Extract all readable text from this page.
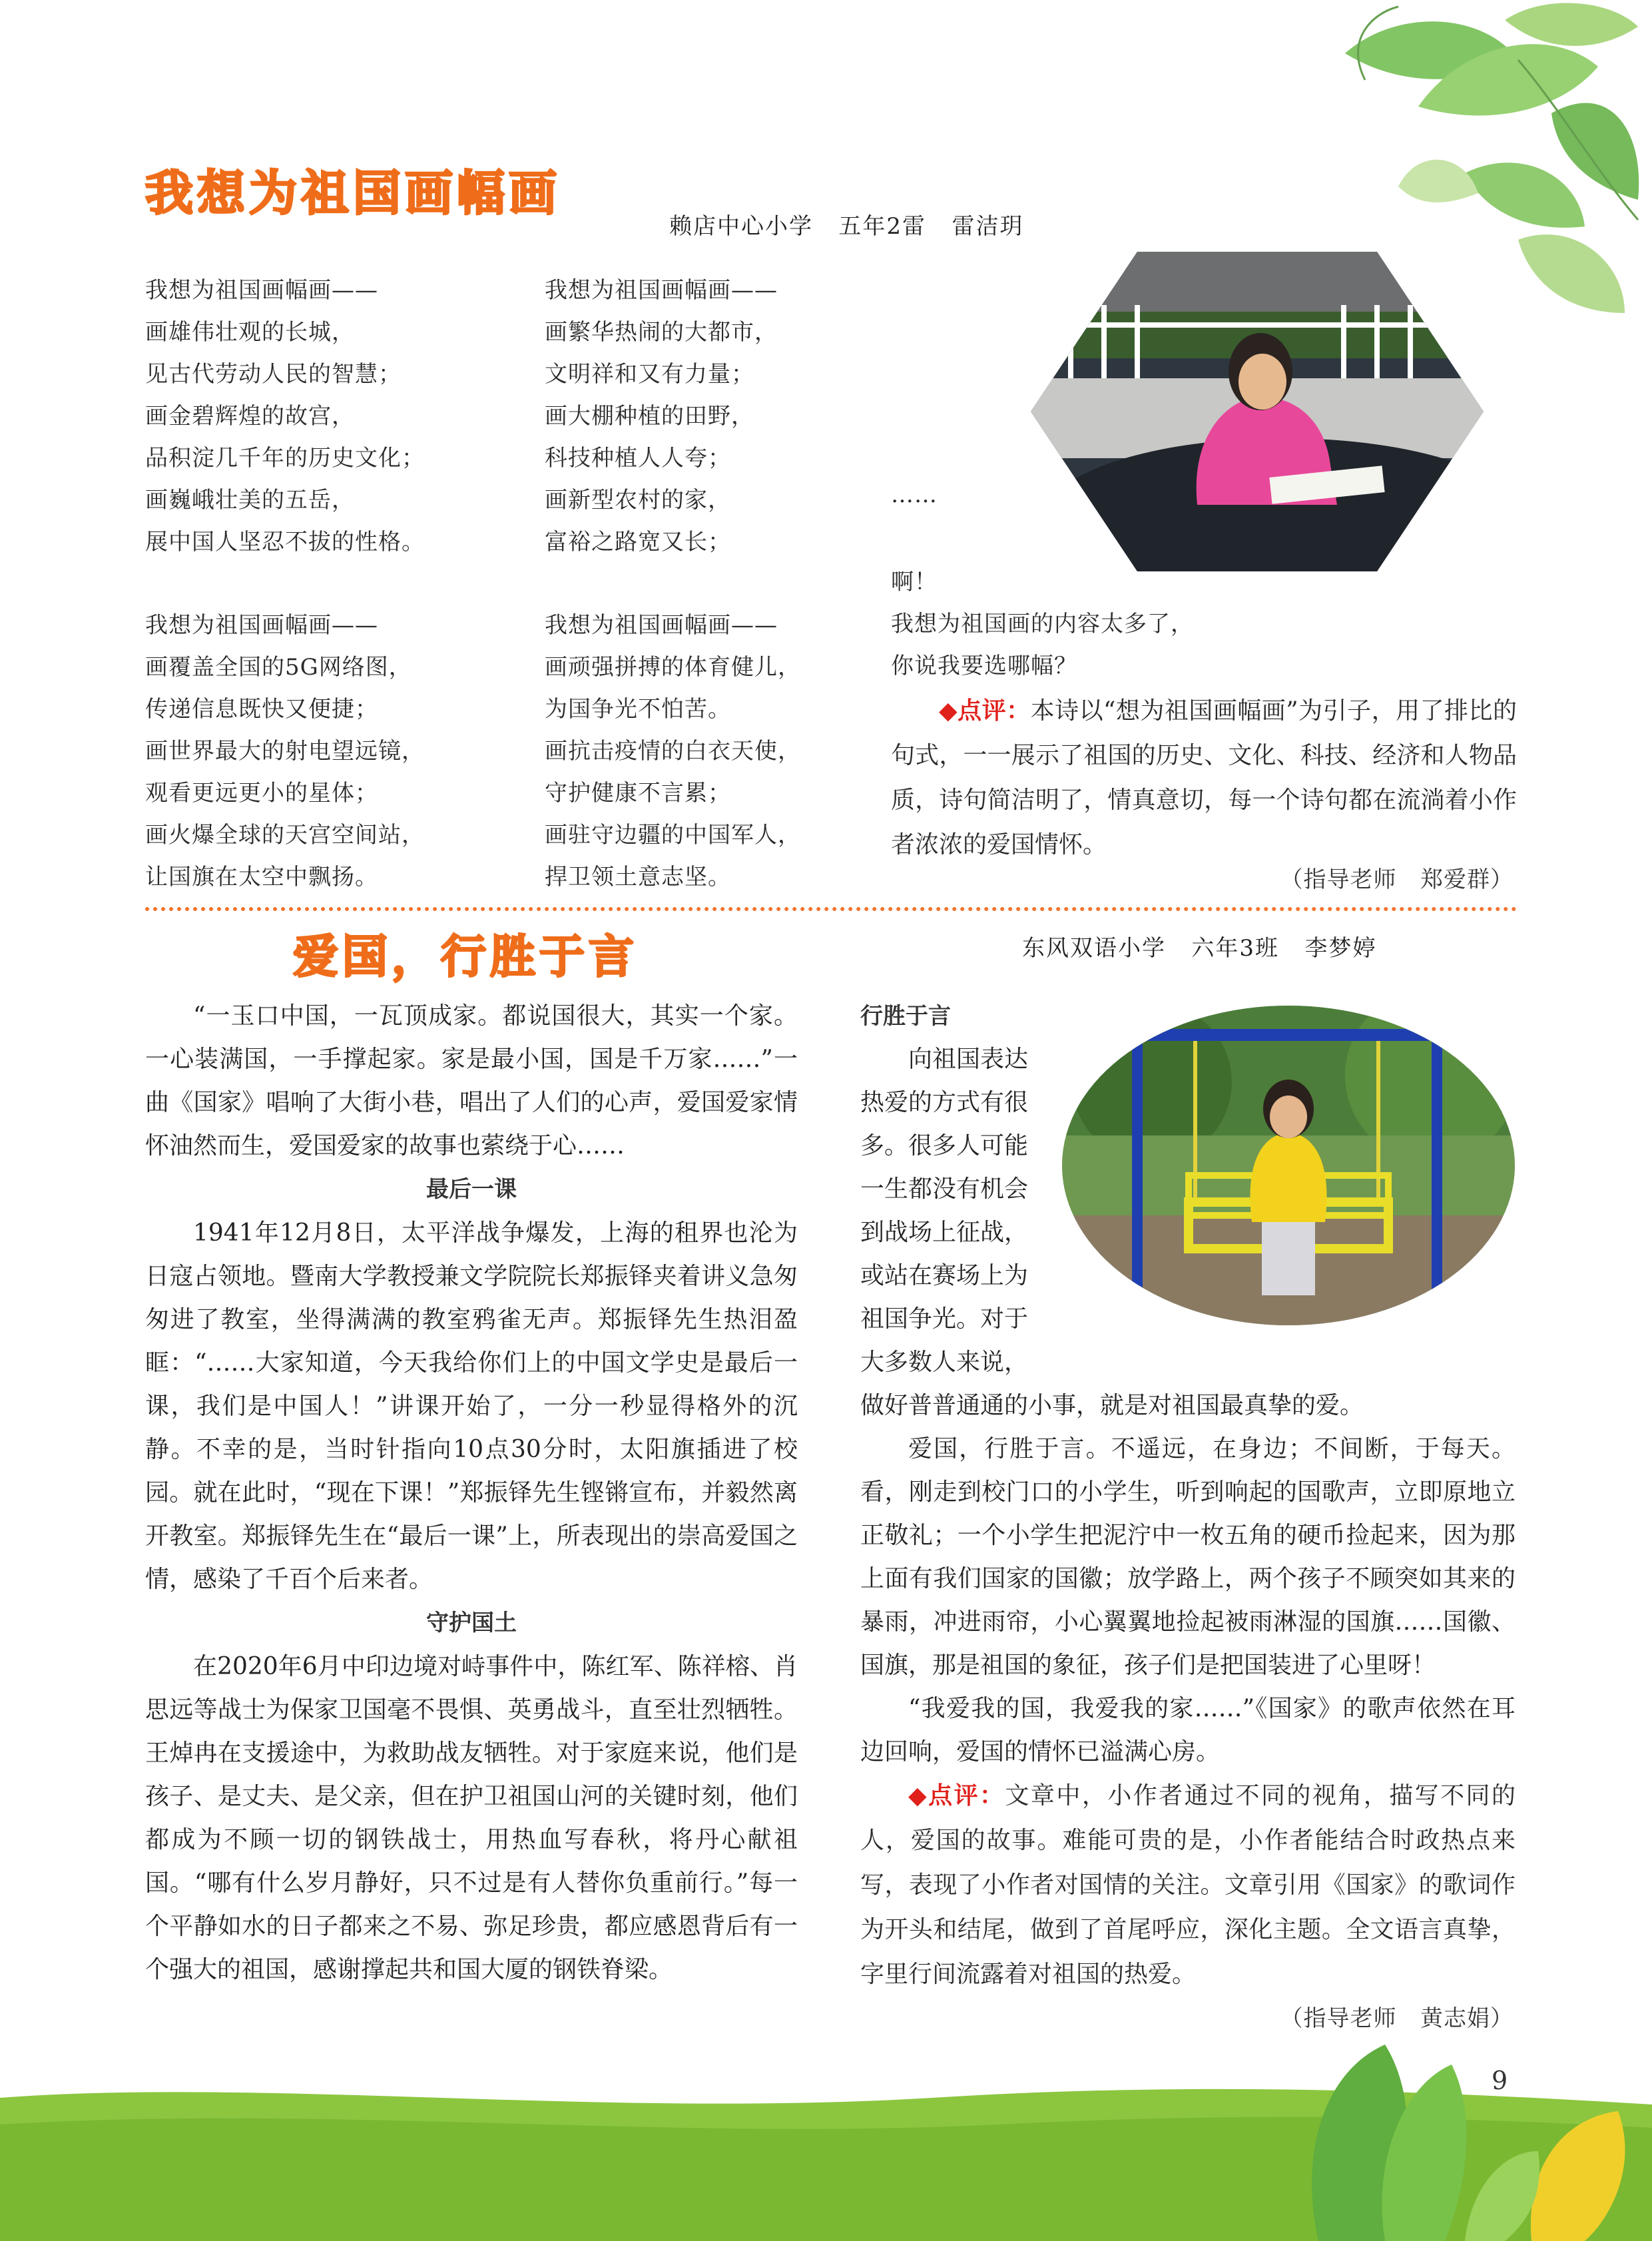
我想为祖国画幅画
赖店中心小学   五年2雷   雷洁玥
我想为祖国画幅画——
画雄伟壮观的长城，
见古代劳动人民的智慧；
画金碧辉煌的故宫，
品积淀几千年的历史文化；
画巍峨壮美的五岳，
展中国人坚忍不拔的性格。
我想为祖国画幅画——
画繁华热闹的大都市，
文明祥和又有力量；
画大棚种植的田野，
科技种植人人夸；
画新型农村的家，
富裕之路宽又长；
我想为祖国画幅画——
画覆盖全国的5G网络图，
传递信息既快又便捷；
画世界最大的射电望远镜，
观看更远更小的星体；
画火爆全球的天宫空间站，
让国旗在太空中飘扬。
我想为祖国画幅画——
画顽强拼搏的体育健儿，
为国争光不怕苦。
画抗击疫情的白衣天使，
守护健康不言累；
画驻守边疆的中国军人，
捍卫领土意志坚。
……
啊！
我想为祖国画的内容太多了，
你说我要选哪幅？

◆点评：本诗以“想为祖国画幅画”为引子，用了排比的句式，一一展示了祖国的历史、文化、科技、经济和人物品质，诗句简洁明了，情真意切，每一个诗句都在流淌着小作者浓浓的爱国情怀。

（指导老师   郑爱群）
爱国，行胜于言	东风双语小学   六年3班   李梦婷

“一玉口中国，一瓦顶成家。都说国很大，其实一个家。一心装满国，一手撑起家。家是最小国，国是千万家……”一曲《国家》唱响了大街小巷，唱出了人们的心声，爱国爱家情怀油然而生，爱国爱家的故事也萦绕于心……

最后一课

1941年12月8日，太平洋战争爆发，上海的租界也沦为日寇占领地。暨南大学教授兼文学院院长郑振铎夹着讲义急匆匆进了教室，坐得满满的教室鸦雀无声。郑振铎先生热泪盈眶：“……大家知道，今天我给你们上的中国文学史是最后一课，我们是中国人！”讲课开始了，一分一秒显得格外的沉静。不幸的是，当时针指向10点30分时，太阳旗插进了校园。就在此时，“现在下课！”郑振铎先生铿锵宣布，并毅然离开教室。郑振铎先生在“最后一课”上，所表现出的崇高爱国之情，感染了千百个后来者。

守护国土

在2020年6月中印边境对峙事件中，陈红军、陈祥榕、肖思远等战士为保家卫国毫不畏惧、英勇战斗，直至壮烈牺牲。王焯冉在支援途中，为救助战友牺牲。对于家庭来说，他们是孩子、是丈夫、是父亲，但在护卫祖国山河的关键时刻，他们都成为不顾一切的钢铁战士，用热血写春秋，将丹心献祖国。“哪有什么岁月静好，只不过是有人替你负重前行。”每一个平静如水的日子都来之不易、弥足珍贵，都应感恩背后有一个强大的祖国，感谢撑起共和国大厦的钢铁脊梁。

行胜于言
向祖国表达
热爱的方式有很
多。很多人可能
一生都没有机会
到战场上征战，
或站在赛场上为
祖国争光。对于
大多数人来说，

做好普普通通的小事，就是对祖国最真挚的爱。

爱国，行胜于言。不遥远，在身边；不间断，于每天。看，刚走到校门口的小学生，听到响起的国歌声，立即原地立正敬礼；一个小学生把泥泞中一枚五角的硬币捡起来，因为那上面有我们国家的国徽；放学路上，两个孩子不顾突如其来的暴雨，冲进雨帘，小心翼翼地捡起被雨淋湿的国旗……国徽、国旗，那是祖国的象征，孩子们是把国装进了心里呀！

“我爱我的国，我爱我的家……”《国家》的歌声依然在耳边回响，爱国的情怀已溢满心房。

◆点评：文章中，小作者通过不同的视角，描写不同的人，爱国的故事。难能可贵的是，小作者能结合时政热点来写，表现了小作者对国情的关注。文章引用《国家》的歌词作为开头和结尾，做到了首尾呼应，深化主题。全文语言真挚，字里行间流露着对祖国的热爱。

（指导老师   黄志娟）
9
